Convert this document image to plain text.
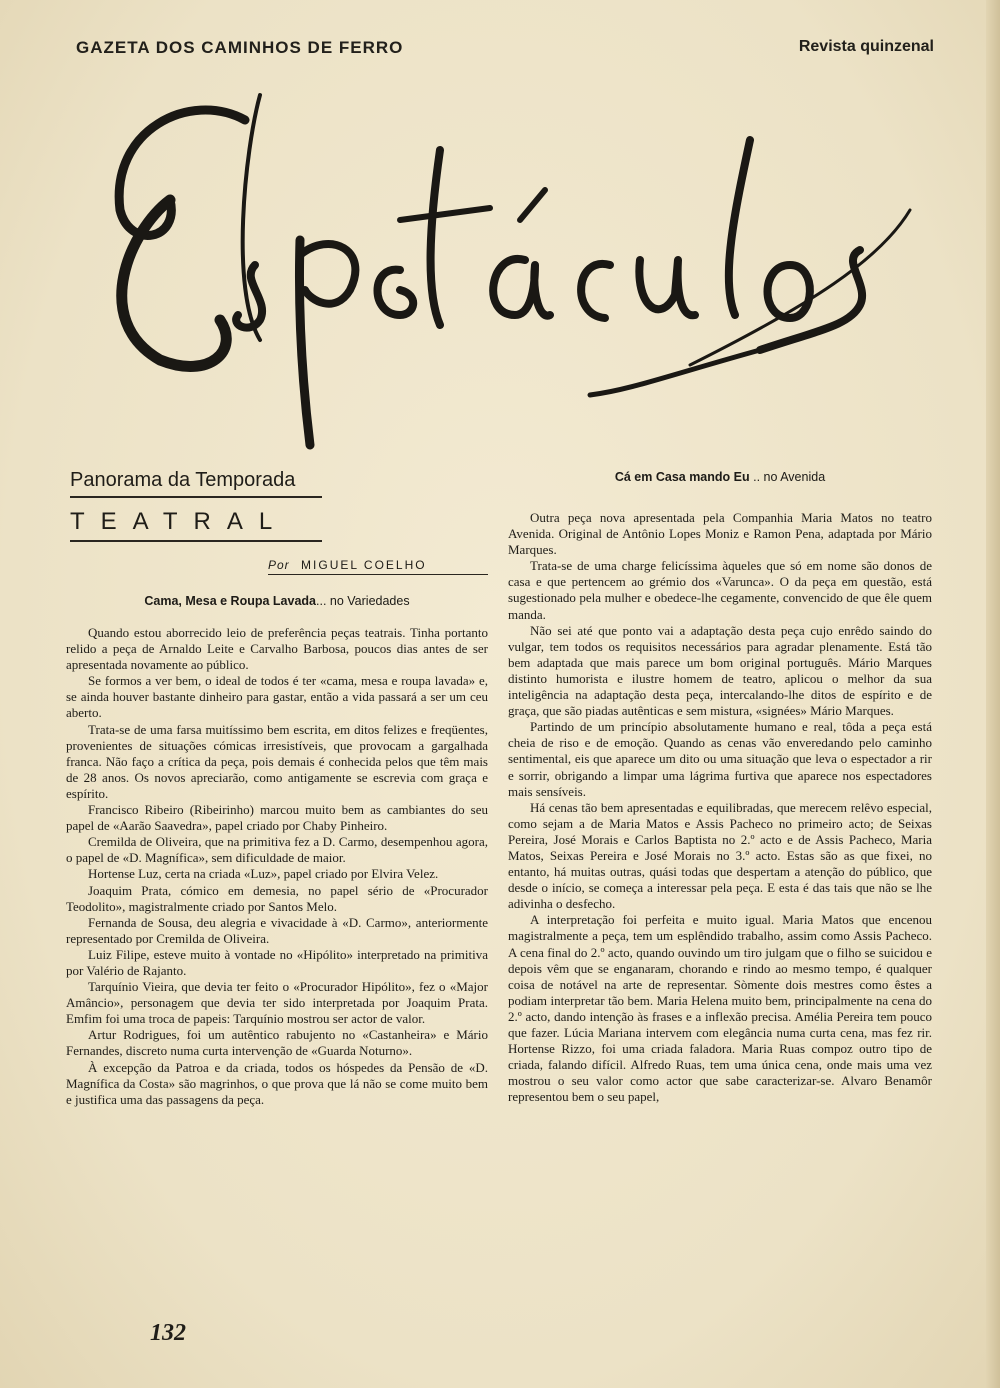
GAZETA DOS CAMINHOS DE FERRO	Revista quinzenal
Panorama da Temporada
TEATRAL
Por MIGUEL COELHO
Cama, Mesa e Roupa Lavada... no Variedades

Quando estou aborrecido leio de preferência peças teatrais. Tinha portanto relido a peça de Arnaldo Leite e Carvalho Barbosa, poucos dias antes de ser apresentada novamente ao público.

Se formos a ver bem, o ideal de todos é ter «cama, mesa e roupa lavada» e, se ainda houver bastante dinheiro para gastar, então a vida passará a ser um ceu aberto.

Trata-se de uma farsa muitíssimo bem escrita, em ditos felizes e freqüentes, provenientes de situações cómicas irresistíveis, que provocam a gargalhada franca. Não faço a crítica da peça, pois demais é conhecida pelos que têm mais de 28 anos. Os novos apreciarão, como antigamente se escrevia com graça e espírito.

Francisco Ribeiro (Ribeirinho) marcou muito bem as cambiantes do seu papel de «Aarão Saavedra», papel criado por Chaby Pinheiro.

Cremilda de Oliveira, que na primitiva fez a D. Carmo, desempenhou agora, o papel de «D. Magnífica», sem dificuldade de maior.

Hortense Luz, certa na criada «Luz», papel criado por Elvira Velez.

Joaquim Prata, cómico em demesia, no papel sério de «Procurador Teodolito», magistralmente criado por Santos Melo.

Fernanda de Sousa, deu alegria e vivacidade à «D. Carmo», anteriormente representado por Cremilda de Oliveira.

Luiz Filipe, esteve muito à vontade no «Hipólito» interpretado na primitiva por Valério de Rajanto.

Tarquínio Vieira, que devia ter feito o «Procurador Hipólito», fez o «Major Amâncio», personagem que devia ter sido interpretada por Joaquim Prata. Emfim foi uma troca de papeis: Tarquínio mostrou ser actor de valor.

Artur Rodrigues, foi um autêntico rabujento no «Castanheira» e Mário Fernandes, discreto numa curta intervenção de «Guarda Noturno».

À excepção da Patroa e da criada, todos os hóspedes da Pensão de «D. Magnífica da Costa» são magrinhos, o que prova que lá não se come muito bem e justifica uma das passagens da peça.

Cá em Casa mando Eu .. no Avenida

Outra peça nova apresentada pela Companhia Maria Matos no teatro Avenida. Original de Antônio Lopes Moniz e Ramon Pena, adaptada por Mário Marques.

Trata-se de uma charge felicíssima àqueles que só em nome são donos de casa e que pertencem ao grémio dos «Varunca». O da peça em questão, está sugestionado pela mulher e obedece-lhe cegamente, convencido de que êle quem manda.

Não sei até que ponto vai a adaptação desta peça cujo enrêdo saindo do vulgar, tem todos os requisitos necessários para agradar plenamente. Está tão bem adaptada que mais parece um bom original português. Mário Marques distinto humorista e ilustre homem de teatro, aplicou o melhor da sua inteligência na adaptação desta peça, intercalando-lhe ditos de espírito e de graça, que são piadas autênticas e sem mistura, «signées» Mário Marques.

Partindo de um princípio absolutamente humano e real, tôda a peça está cheia de riso e de emoção. Quando as cenas vão enveredando pelo caminho sentimental, eis que aparece um dito ou uma situação que leva o espectador a rir e sorrir, obrigando a limpar uma lágrima furtiva que aparece nos espectadores mais sensíveis.

Há cenas tão bem apresentadas e equilibradas, que merecem relêvo especial, como sejam a de Maria Matos e Assis Pacheco no primeiro acto; de Seixas Pereira, José Morais e Carlos Baptista no 2.º acto e de Assis Pacheco, Maria Matos, Seixas Pereira e José Morais no 3.º acto. Estas são as que fixei, no entanto, há muitas outras, quási todas que despertam a atenção do público, que desde o início, se começa a interessar pela peça. E esta é das tais que não se lhe adivinha o desfecho.

A interpretação foi perfeita e muito igual. Maria Matos que encenou magistralmente a peça, tem um esplêndido trabalho, assim como Assis Pacheco. A cena final do 2.º acto, quando ouvindo um tiro julgam que o filho se suicidou e depois vêm que se enganaram, chorando e rindo ao mesmo tempo, é qualquer coisa de notável na arte de representar. Sòmente dois mestres como êstes a podiam interpretar tão bem. Maria Helena muito bem, principalmente na cena do 2.º acto, dando intenção às frases e a inflexão precisa. Amélia Pereira tem pouco que fazer. Lúcia Mariana intervem com elegância numa curta cena, mas fez rir. Hortense Rizzo, foi uma criada faladora. Maria Ruas compoz outro tipo de criada, falando difícil. Alfredo Ruas, tem uma única cena, onde mais uma vez mostrou o seu valor como actor que sabe caracterizar-se. Alvaro Benamôr representou bem o seu papel,

132
